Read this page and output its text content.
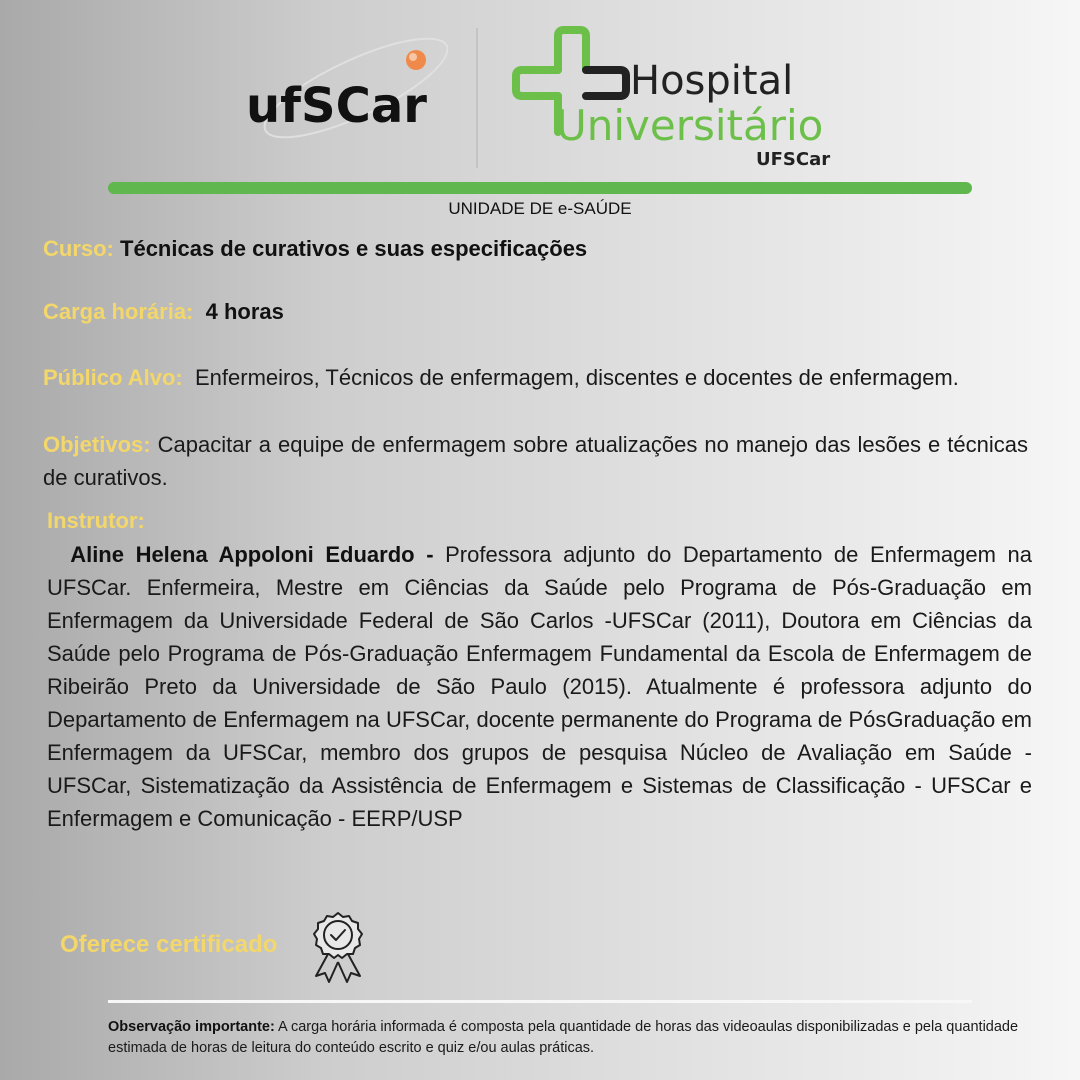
ufSCar	Hospital
Universitário
UFSCar
UNIDADE DE e-SAÚDE
Curso: Técnicas de curativos e suas especificações
Carga horária: 4 horas
Público Alvo: Enfermeiros, Técnicos de enfermagem, discentes e docentes de enfermagem.
Objetivos: Capacitar a equipe de enfermagem sobre atualizações no manejo das lesões e técnicas de curativos.
Instrutor:
Aline Helena Appoloni Eduardo - Professora adjunto do Departamento de Enfermagem na UFSCar. Enfermeira, Mestre em Ciências da Saúde pelo Programa de Pós-Graduação em Enfermagem da Universidade Federal de São Carlos -UFSCar (2011), Doutora em Ciências da Saúde pelo Programa de Pós-Graduação Enfermagem Fundamental da Escola de Enfermagem de Ribeirão Preto da Universidade de São Paulo (2015). Atualmente é professora adjunto do Departamento de Enfermagem na UFSCar, docente permanente do Programa de PósGraduação em Enfermagem da UFSCar, membro dos grupos de pesquisa Núcleo de Avaliação em Saúde - UFSCar, Sistematização da Assistência de Enfermagem e Sistemas de Classificação - UFSCar e Enfermagem e Comunicação - EERP/USP
Oferece certificado
Observação importante: A carga horária informada é composta pela quantidade de horas das videoaulas disponibilizadas e pela quantidade estimada de horas de leitura do conteúdo escrito e quiz e/ou aulas práticas.
